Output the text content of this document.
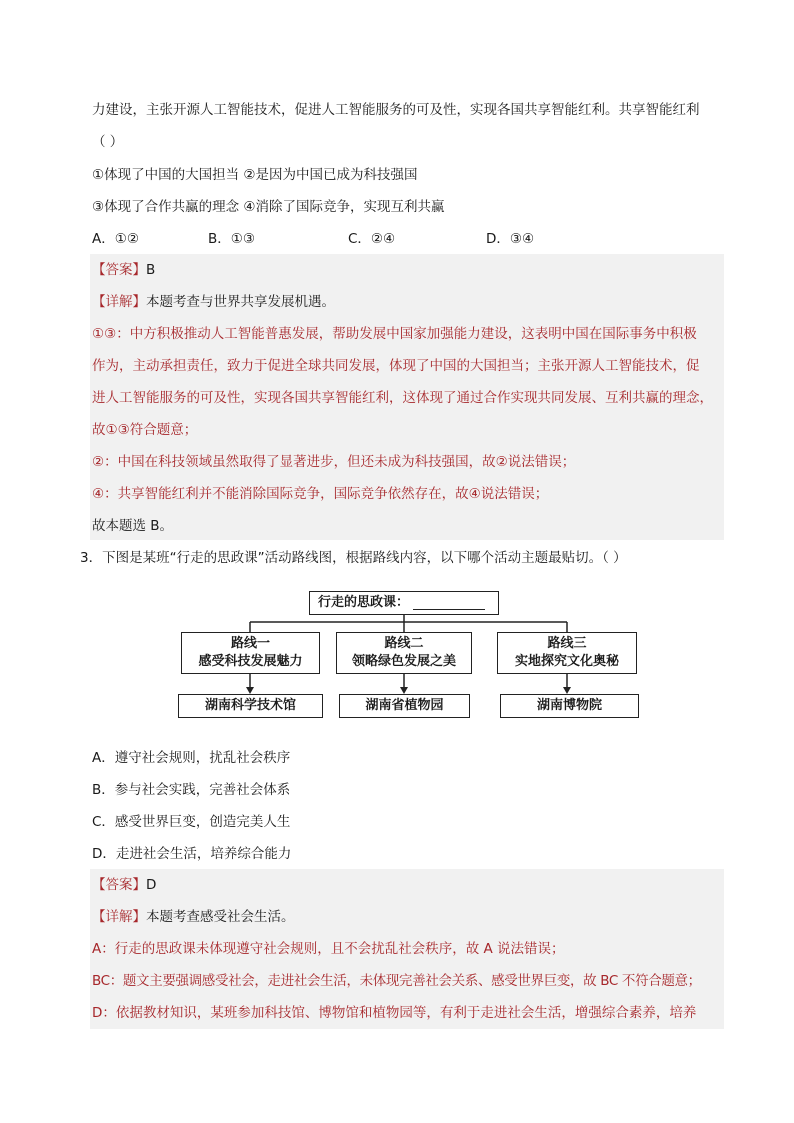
力建设，主张开源人工智能技术，促进人工智能服务的可及性，实现各国共享智能红利。共享智能红利
（ ）
①体现了中国的大国担当 ②是因为中国已成为科技强国
③体现了合作共赢的理念 ④消除了国际竞争，实现互利共赢
A．①②	B．①③	C．②④	D．③④
【答案】B
【详解】本题考查与世界共享发展机遇。
①③：中方积极推动人工智能普惠发展，帮助发展中国家加强能力建设，这表明中国在国际事务中积极
作为，主动承担责任，致力于促进全球共同发展，体现了中国的大国担当；主张开源人工智能技术，促
进人工智能服务的可及性，实现各国共享智能红利，这体现了通过合作实现共同发展、互利共赢的理念，
故①③符合题意；
②：中国在科技领域虽然取得了显著进步，但还未成为科技强国，故②说法错误；
④：共享智能红利并不能消除国际竞争，国际竞争依然存在，故④说法错误；
故本题选 B。
3．下图是某班“行走的思政课”活动路线图，根据路线内容，以下哪个活动主题最贴切。（ ）
行走的思政课：
路线一
感受科技发展魅力
路线二
领略绿色发展之美
路线三
实地探究文化奥秘
湖南科学技术馆	湖南省植物园	湖南博物院
A．遵守社会规则，扰乱社会秩序
B．参与社会实践，完善社会体系
C．感受世界巨变，创造完美人生
D．走进社会生活，培养综合能力
【答案】D
【详解】本题考查感受社会生活。
A：行走的思政课未体现遵守社会规则，且不会扰乱社会秩序，故 A 说法错误；
BC：题文主要强调感受社会，走进社会生活，未体现完善社会关系、感受世界巨变，故 BC 不符合题意；
D：依据教材知识，某班参加科技馆、博物馆和植物园等，有利于走进社会生活，增强综合素养，培养
